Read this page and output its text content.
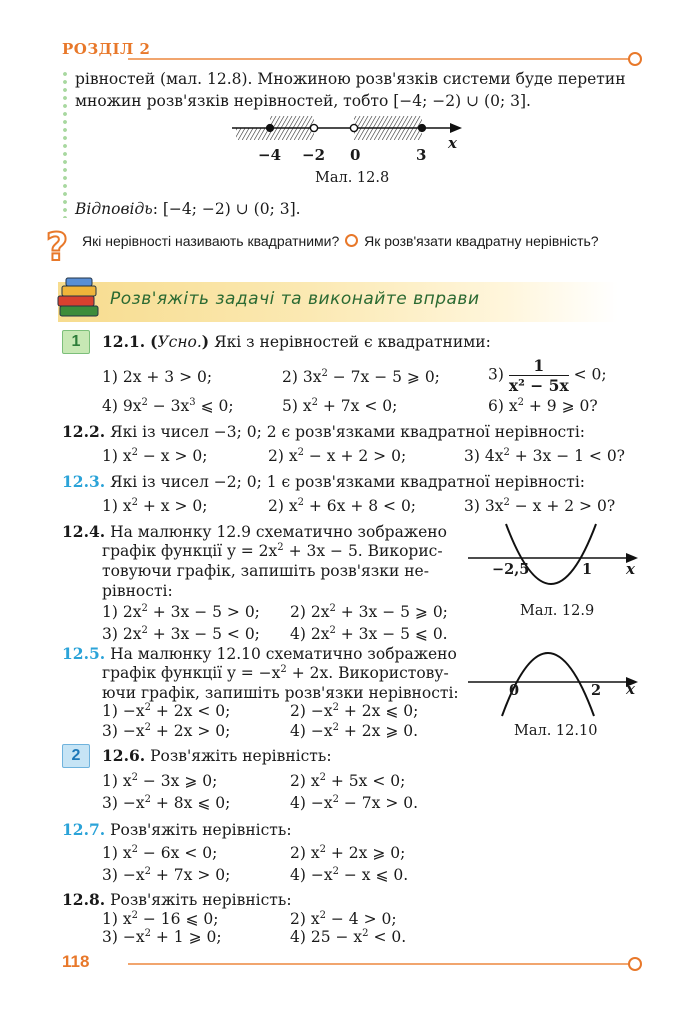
РОЗДІЛ 2
рівностей (мал. 12.8). Множиною розв'язків системи буде перетин
множин розв'язків нерівностей, тобто [−4; −2) ∪ (0; 3].
−4 −2 0	3
x
Мал. 12.8
Відповідь: [−4; −2) ∪ (0; 3].
? Які нерівності називають квадратними? Як розв'язати квадратну нерівність?
Розв'яжіть задачі та виконайте вправи
1	12.1. (Усно.) Які з нерівностей є квадратними:
1) 2x + 3 > 0;	2) $3x^2 - 7x - 5$ ⩾ 0;	$3) \frac{1}{\text{x² − 5x}} < 0$;
4) $9x^2 - 3x^3$ ⩽ 0;	5) $x^2 + 7x < 0$;	6) $x^2 + 9$ ⩾ 0?
12.2. Які із чисел −3; 0; 2 є розв'язками квадратної нерівності:
1) $x^2 - x > 0$;	2) $x^2 - x + 2 > 0$;	3) $4x^2 + 3x - 1 < 0$?
12.3. Які із чисел −2; 0; 1 є розв'язками квадратної нерівності:
1) $x^2 + x > 0$;	2) $x^2 + 6x + 8 < 0$;	3) $3x^2 - x + 2 > 0$?
12.4. На малюнку 12.9 схематично зображено
графік функції $y = 2x^2 + 3x - 5$. Викорис-
товуючи графік, запишіть розв'язки не-
рівності:
1) $2x^2 + 3x - 5 > 0$; 2) $2x^2 + 3x - 5$ ⩾ 0;
3) $2x^2 + 3x - 5 < 0$; 4) $2x^2 + 3x - 5$ ⩽ 0.
−2,5	1 x
Мал. 12.9
12.5. На малюнку 12.10 схематично зображено
графік функції $y = -x^2 + 2x$. Використову-
ючи графік, запишіть розв'язки нерівності:
$1) -x^2 + 2x < 0$;	$2) -x^2 + 2x$ ⩽ 0;
$3) -x^2 + 2x > 0$;	$4) -x^2 + 2x$ ⩾ 0.
0	2 x
Мал. 12.10
2	12.6. Розв'яжіть нерівність:
1) $x^2 - 3x$ ⩾ 0;	2) $x^2 + 5x < 0$;
$3) -x^2 + 8x$ ⩽ 0;	$4) -x^2 - 7x > 0$.
12.7. Розв'яжіть нерівність:
1) $x^2 - 6x < 0$;	2) $x^2 + 2x$ ⩾ 0;
$3) -x^2 + 7x > 0$;	$4) -x^2 - x$ ⩽ 0.
12.8. Розв'яжіть нерівність:
1) $x^2 - 16$ ⩽ 0;	2) $x^2 - 4 > 0$;
$3) -x^2 + 1$ ⩾ 0;	4) $25 - x^2 < 0$.
118
